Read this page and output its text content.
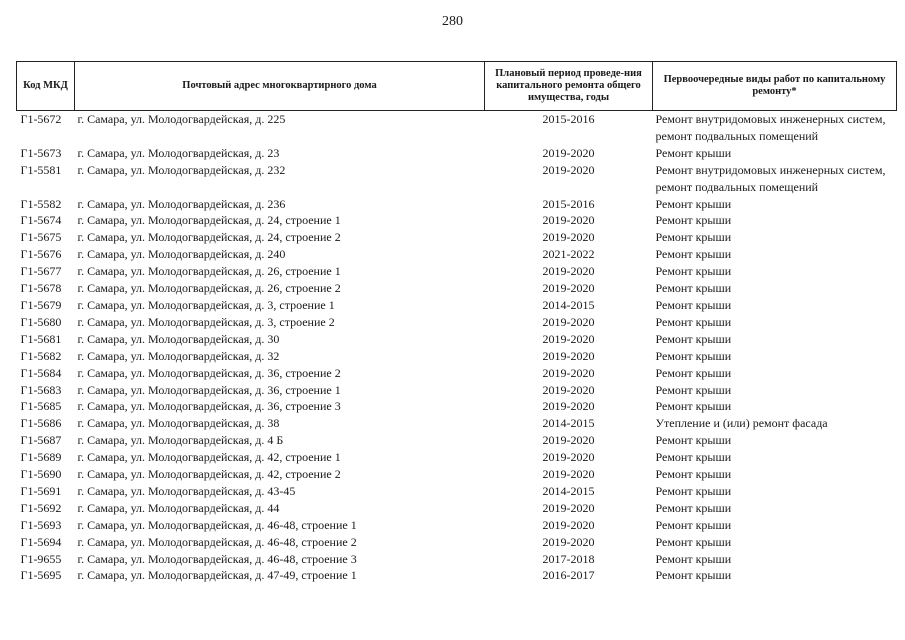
280
Код МКД	Почтовый адрес многоквартирного дома	Плановый период проведе-ния капитального ремонта общего имущества, годы	Первоочередные виды работ по капитальному ремонту*
Г1-5672	г. Самара, ул. Молодогвардейская, д. 225	2015-2016	Ремонт внутридомовых инженерных систем, ремонт подвальных помещений
Г1-5673	г. Самара, ул. Молодогвардейская, д. 23	2019-2020	Ремонт крыши
Г1-5581	г. Самара, ул. Молодогвардейская, д. 232	2019-2020	Ремонт внутридомовых инженерных систем, ремонт подвальных помещений
Г1-5582	г. Самара, ул. Молодогвардейская, д. 236	2015-2016	Ремонт крыши
Г1-5674	г. Самара, ул. Молодогвардейская, д. 24, строение 1	2019-2020	Ремонт крыши
Г1-5675	г. Самара, ул. Молодогвардейская, д. 24, строение 2	2019-2020	Ремонт крыши
Г1-5676	г. Самара, ул. Молодогвардейская, д. 240	2021-2022	Ремонт крыши
Г1-5677	г. Самара, ул. Молодогвардейская, д. 26, строение 1	2019-2020	Ремонт крыши
Г1-5678	г. Самара, ул. Молодогвардейская, д. 26, строение 2	2019-2020	Ремонт крыши
Г1-5679	г. Самара, ул. Молодогвардейская, д. 3, строение 1	2014-2015	Ремонт крыши
Г1-5680	г. Самара, ул. Молодогвардейская, д. 3, строение 2	2019-2020	Ремонт крыши
Г1-5681	г. Самара, ул. Молодогвардейская, д. 30	2019-2020	Ремонт крыши
Г1-5682	г. Самара, ул. Молодогвардейская, д. 32	2019-2020	Ремонт крыши
Г1-5684	г. Самара, ул. Молодогвардейская, д. 36, строение 2	2019-2020	Ремонт крыши
Г1-5683	г. Самара, ул. Молодогвардейская, д. 36, строение 1	2019-2020	Ремонт крыши
Г1-5685	г. Самара, ул. Молодогвардейская, д. 36, строение 3	2019-2020	Ремонт крыши
Г1-5686	г. Самара, ул. Молодогвардейская, д. 38	2014-2015	Утепление и (или) ремонт фасада
Г1-5687	г. Самара, ул. Молодогвардейская, д. 4 Б	2019-2020	Ремонт крыши
Г1-5689	г. Самара, ул. Молодогвардейская, д. 42, строение 1	2019-2020	Ремонт крыши
Г1-5690	г. Самара, ул. Молодогвардейская, д. 42, строение 2	2019-2020	Ремонт крыши
Г1-5691	г. Самара, ул. Молодогвардейская, д. 43-45	2014-2015	Ремонт крыши
Г1-5692	г. Самара, ул. Молодогвардейская, д. 44	2019-2020	Ремонт крыши
Г1-5693	г. Самара, ул. Молодогвардейская, д. 46-48, строение 1	2019-2020	Ремонт крыши
Г1-5694	г. Самара, ул. Молодогвардейская, д. 46-48, строение 2	2019-2020	Ремонт крыши
Г1-9655	г. Самара, ул. Молодогвардейская, д. 46-48, строение 3	2017-2018	Ремонт крыши
Г1-5695	г. Самара, ул. Молодогвардейская, д. 47-49, строение 1	2016-2017	Ремонт крыши
